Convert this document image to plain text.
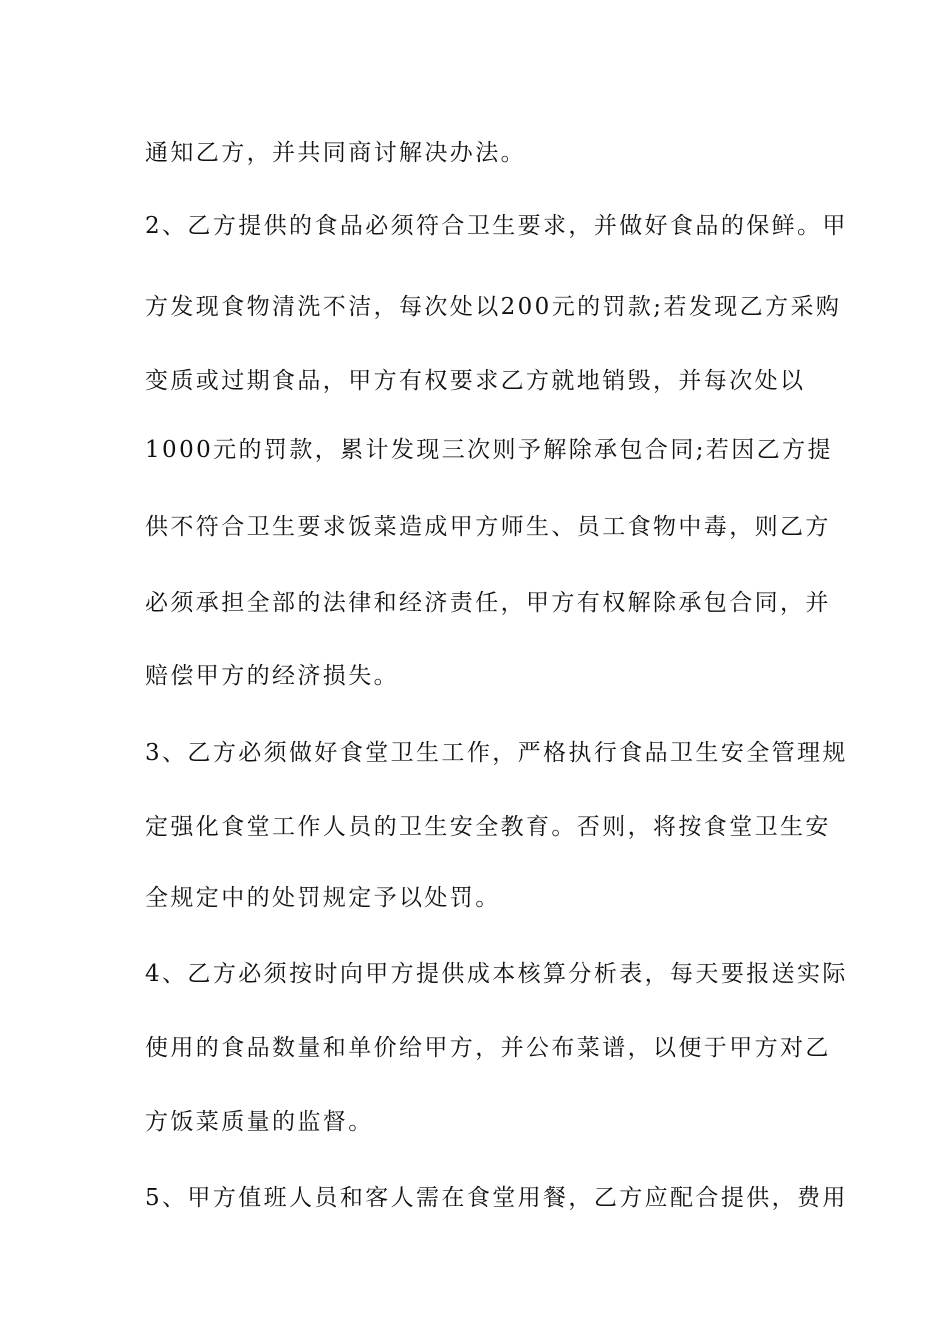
通知乙方，并共同商讨解决办法。
2、乙方提供的食品必须符合卫生要求，并做好食品的保鲜。甲
方发现食物清洗不洁，每次处以200元的罚款;若发现乙方采购
变质或过期食品，甲方有权要求乙方就地销毁，并每次处以
1000元的罚款，累计发现三次则予解除承包合同;若因乙方提
供不符合卫生要求饭菜造成甲方师生、员工食物中毒，则乙方
必须承担全部的法律和经济责任，甲方有权解除承包合同，并
赔偿甲方的经济损失。
3、乙方必须做好食堂卫生工作，严格执行食品卫生安全管理规
定强化食堂工作人员的卫生安全教育。否则，将按食堂卫生安
全规定中的处罚规定予以处罚。
4、乙方必须按时向甲方提供成本核算分析表，每天要报送实际
使用的食品数量和单价给甲方，并公布菜谱，以便于甲方对乙
方饭菜质量的监督。
5、甲方值班人员和客人需在食堂用餐，乙方应配合提供，费用
